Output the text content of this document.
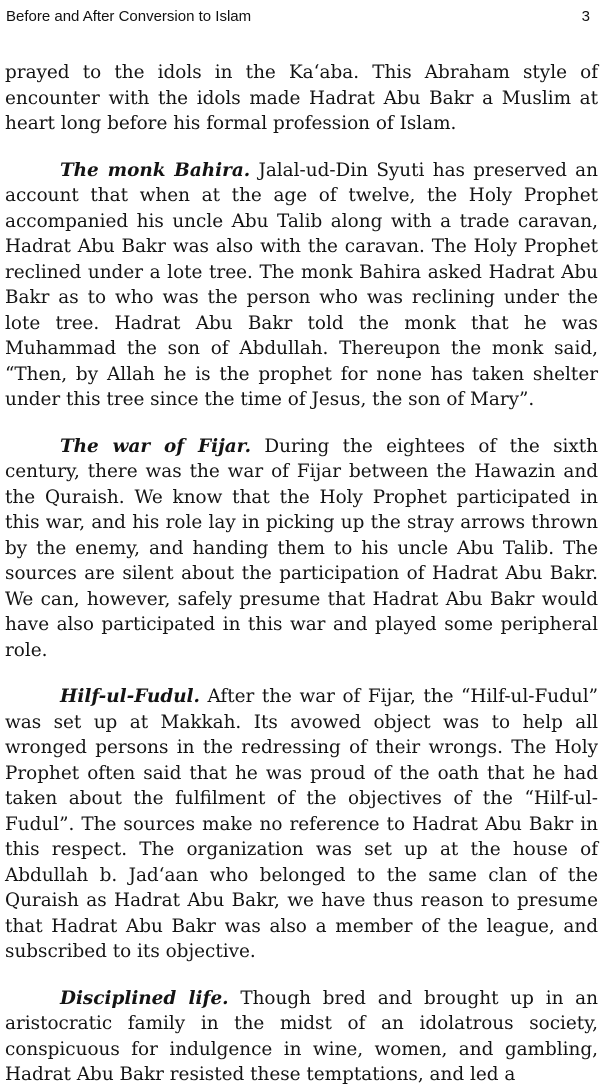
Before and After Conversion to Islam	3

prayed to the idols in the Ka‘aba. This Abraham style of encounter with the idols made Hadrat Abu Bakr a Muslim at heart long before his formal profession of Islam.

The monk Bahira. Jalal-ud-Din Syuti has preserved an account that when at the age of twelve, the Holy Prophet accompanied his uncle Abu Talib along with a trade caravan, Hadrat Abu Bakr was also with the caravan. The Holy Prophet reclined under a lote tree. The monk Bahira asked Hadrat Abu Bakr as to who was the person who was reclining under the lote tree. Hadrat Abu Bakr told the monk that he was Muhammad the son of Abdullah. Thereupon the monk said, “Then, by Allah he is the prophet for none has taken shelter under this tree since the time of Jesus, the son of Mary”.

The war of Fijar. During the eightees of the sixth century, there was the war of Fijar between the Hawazin and the Quraish. We know that the Holy Prophet participated in this war, and his role lay in picking up the stray arrows thrown by the enemy, and handing them to his uncle Abu Talib. The sources are silent about the participation of Hadrat Abu Bakr. We can, however, safely presume that Hadrat Abu Bakr would have also participated in this war and played some peripheral role.

Hilf-ul-Fudul. After the war of Fijar, the “Hilf-ul-Fudul” was set up at Makkah. Its avowed object was to help all wronged persons in the redressing of their wrongs. The Holy Prophet often said that he was proud of the oath that he had taken about the fulfilment of the objectives of the “Hilf-ul-Fudul”. The sources make no reference to Hadrat Abu Bakr in this respect. The organization was set up at the house of Abdullah b. Jad‘aan who belonged to the same clan of the Quraish as Hadrat Abu Bakr, we have thus reason to presume that Hadrat Abu Bakr was also a member of the league, and subscribed to its objective.

Disciplined life. Though bred and brought up in an aristocratic family in the midst of an idolatrous society, conspicuous for indulgence in wine, women, and gambling, Hadrat Abu Bakr resisted these temptations, and led a
